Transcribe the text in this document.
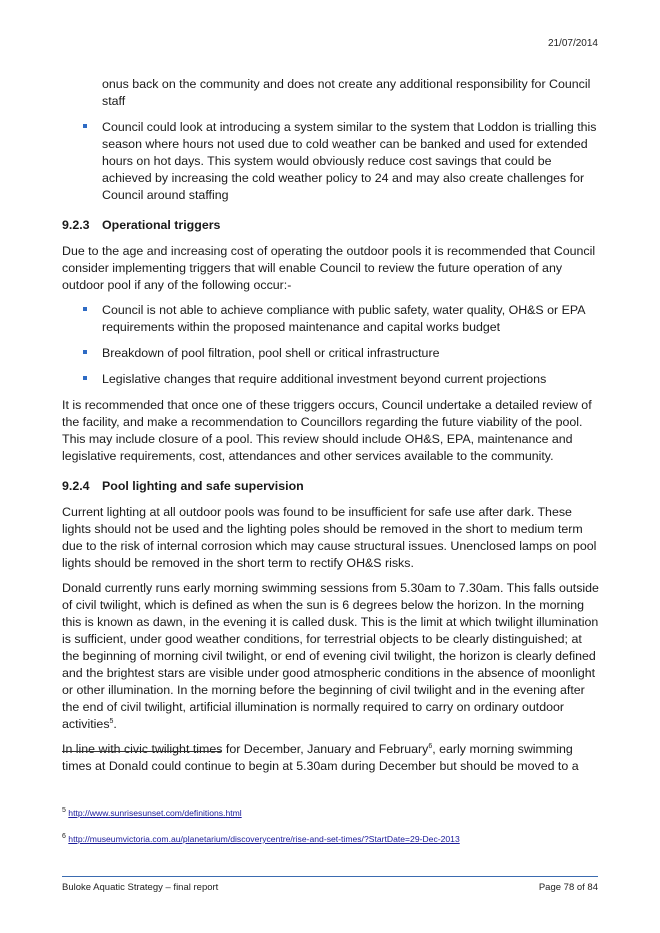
21/07/2014

onus back on the community and does not create any additional responsibility for Council staff

Council could look at introducing a system similar to the system that Loddon is trialling this season where hours not used due to cold weather can be banked and used for extended hours on hot days. This system would obviously reduce cost savings that could be achieved by increasing the cold weather policy to 24 and may also create challenges for Council around staffing
9.2.3 Operational triggers

Due to the age and increasing cost of operating the outdoor pools it is recommended that Council consider implementing triggers that will enable Council to review the future operation of any outdoor pool if any of the following occur:-

Council is not able to achieve compliance with public safety, water quality, OH&S or EPA requirements within the proposed maintenance and capital works budget
Breakdown of pool filtration, pool shell or critical infrastructure
Legislative changes that require additional investment beyond current projections

It is recommended that once one of these triggers occurs, Council undertake a detailed review of the facility, and make a recommendation to Councillors regarding the future viability of the pool. This may include closure of a pool. This review should include OH&S, EPA, maintenance and legislative requirements, cost, attendances and other services available to the community.

9.2.4 Pool lighting and safe supervision

Current lighting at all outdoor pools was found to be insufficient for safe use after dark. These lights should not be used and the lighting poles should be removed in the short to medium term due to the risk of internal corrosion which may cause structural issues. Unenclosed lamps on pool lights should be removed in the short term to rectify OH&S risks.

Donald currently runs early morning swimming sessions from 5.30am to 7.30am. This falls outside of civil twilight, which is defined as when the sun is 6 degrees below the horizon. In the morning this is known as dawn, in the evening it is called dusk. This is the limit at which twilight illumination is sufficient, under good weather conditions, for terrestrial objects to be clearly distinguished; at the beginning of morning civil twilight, or end of evening civil twilight, the horizon is clearly defined and the brightest stars are visible under good atmospheric conditions in the absence of moonlight or other illumination. In the morning before the beginning of civil twilight and in the evening after the end of civil twilight, artificial illumination is normally required to carry on ordinary outdoor activities$^5$.

In line with civic twilight times for December, January and February$^6$, early morning swimming times at Donald could continue to begin at 5.30am during December but should be moved to a

$^5$ http://www.sunrisesunset.com/definitions.html
$^6$ http://museumvictoria.com.au/planetarium/discoverycentre/rise-and-set-times/?StartDate=29-Dec-2013
Buloke Aquatic Strategy – final report	Page 78 of 84
